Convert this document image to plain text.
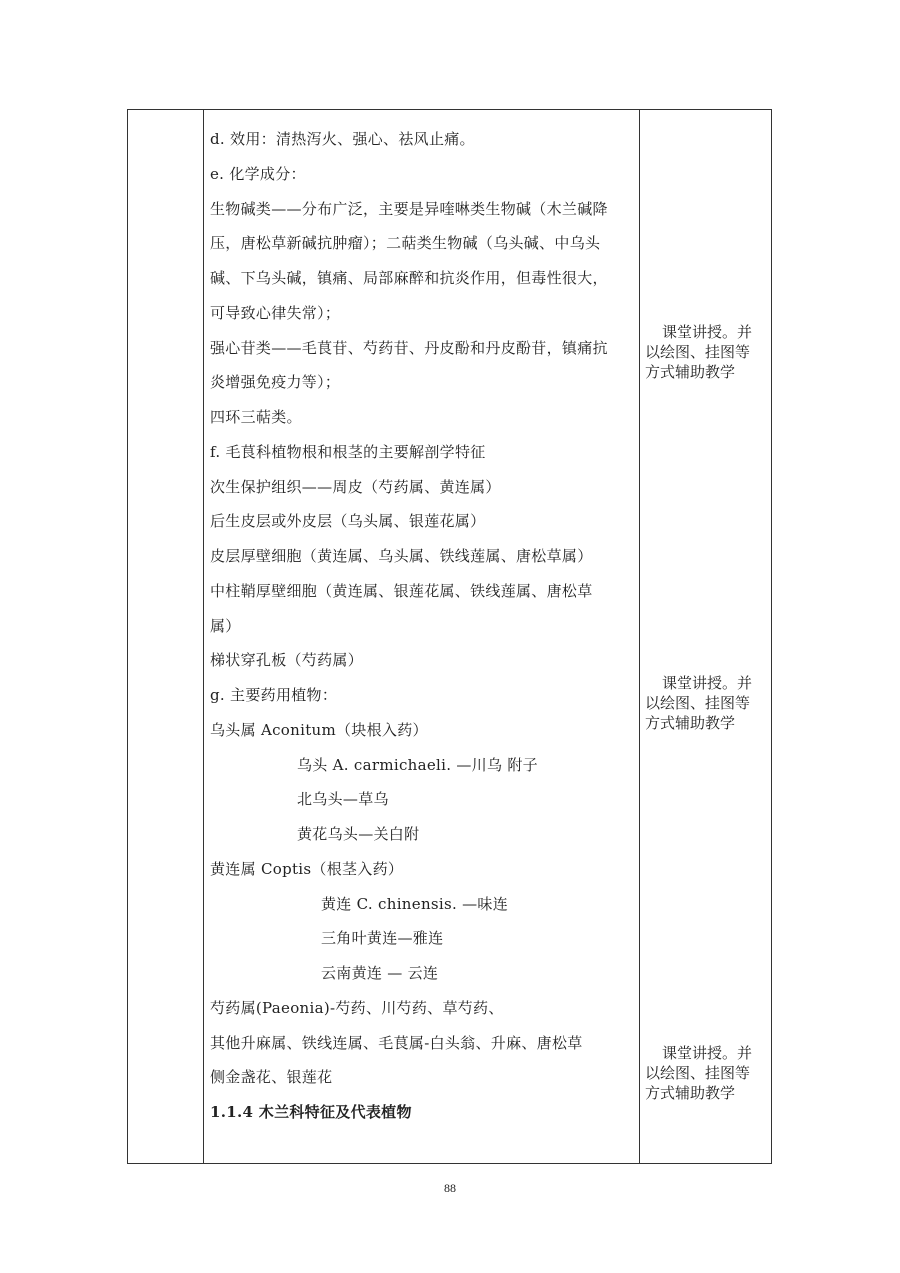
d. 效用：清热泻火、强心、祛风止痛。
e. 化学成分：
生物碱类——分布广泛，主要是异喹啉类生物碱（木兰碱降
压，唐松草新碱抗肿瘤）；二萜类生物碱（乌头碱、中乌头
碱、下乌头碱，镇痛、局部麻醉和抗炎作用，但毒性很大，
可导致心律失常）；
强心苷类——毛茛苷、芍药苷、丹皮酚和丹皮酚苷，镇痛抗
炎增强免疫力等）；
四环三萜类。
f. 毛茛科植物根和根茎的主要解剖学特征
次生保护组织——周皮（芍药属、黄连属）
后生皮层或外皮层（乌头属、银莲花属）
皮层厚壁细胞（黄连属、乌头属、铁线莲属、唐松草属）
中柱鞘厚壁细胞（黄连属、银莲花属、铁线莲属、唐松草
属）
梯状穿孔板（芍药属）
g. 主要药用植物：
乌头属 Aconitum（块根入药）
乌头 A. carmichaeli. —川乌 附子
北乌头—草乌
黄花乌头—关白附
黄连属 Coptis（根茎入药）
黄连 C. chinensis. —味连
三角叶黄连—雅连
云南黄连 — 云连
芍药属(Paeonia)-芍药、川芍药、草芍药、
其他升麻属、铁线连属、毛茛属-白头翁、升麻、唐松草
侧金盏花、银莲花
1.1.4 木兰科特征及代表植物
课堂讲授。并
以绘图、挂图等
方式辅助教学
课堂讲授。并
以绘图、挂图等
方式辅助教学
课堂讲授。并
以绘图、挂图等
方式辅助教学
88
